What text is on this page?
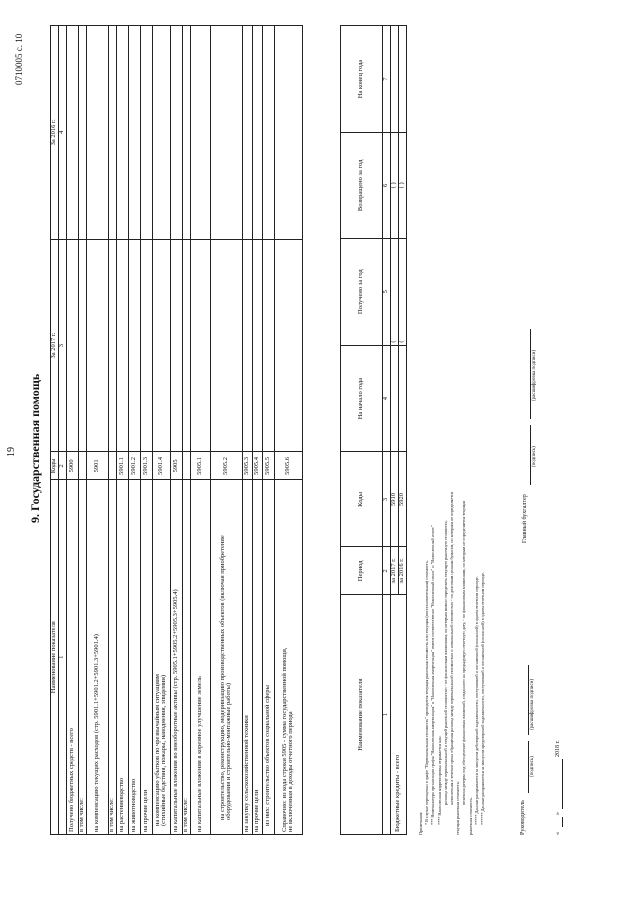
19
0710005 с. 10
9. Государственная помощь
Наименование показателя	Коды	За 2017 г.	За 2016 г.
1	2	3	4
Получено бюджетных средств - всего	5900		
в том числе:			
на компенсацию текущих расходов (стр. 5901.1+5901.2+5901.3+5901.4)	5901		
в том числе:			
на растениеводство	5901.1		
на животноводство	5901.2		
на прочие цели	5901.3		

на компенсацию убытков по чрезвычайным ситуациям (стихийные бедствия, пожары, наводнения, эпидемии)	5901.4		
на капитальные вложения во внеоборотные активы (стр. 5905.1+5905.2+5905.3+5905.4)	5905		
в том числе:			
на капитальные вложения в коренное улучшение земель	5905.1		

на строительство, реконструкцию, модернизацию производственных объектов (включая приобретение оборудования и строительно-монтажные работы)	5905.2		
на закупку сельскохозяйственной техники	5905.3		
на прочие цели	5905.4		
из них: строительство объектов социальной сферы	5905.5		

Справочно: из кода строки 5905 - сумма государственной помощи, не включенная в доходы отчетного периода	5905.6		
Наименование показателя	Период	Коды	На начало года	Получено за год	Возвращено за год	На конец года
1	2	3	4	5	6	7
Бюджетные кредиты - всего	за 2017 г.	5910		(	( )	
	за 2016 г.	5920		(	( )	
Примечания: * В случае переоценки в графе "Первоначальная стоимость" приводится текущая рыночная стоимость или текущая (восстановительная) стоимость. *** Номенклатура организации графы "Накопленная амортизация" и "Накопленная амортизация" имеют соответственно "Накопленный износ" и "Начисленный износ" **** Накопленная корректировка отражается как: разница между первоначальной и текущей рыночной стоимостью - по финансовым вложениям, по которым можно определить текущую рыночную стоимость; начисленная в течение срока обращения разница между первоначальной стоимостью и номинальной стоимостью - по долговым ценным бумагам, по которым не определяется
текущая рыночная стоимость;
величина резерва под обесценение финансовых вложений, созданного на предыдущую отчетную дату, - по финансовым вложениям, по которым не определяется текущая
рыночная стоимость. ***** Данные раскрываются за минусом дебиторской задолженности, поступившей и погашенной (списанной) в одном отчетном периоде. ****** Данные раскрываются за минусом кредиторской задолженности, поступившей и погашенной (списанной) в одном отчетном периоде.	Руководитель
(подпись)
(расшифровка подписи)
Главный бухгалтер
(подпись)
(расшифровка подписи)
«
»
2018 г.
